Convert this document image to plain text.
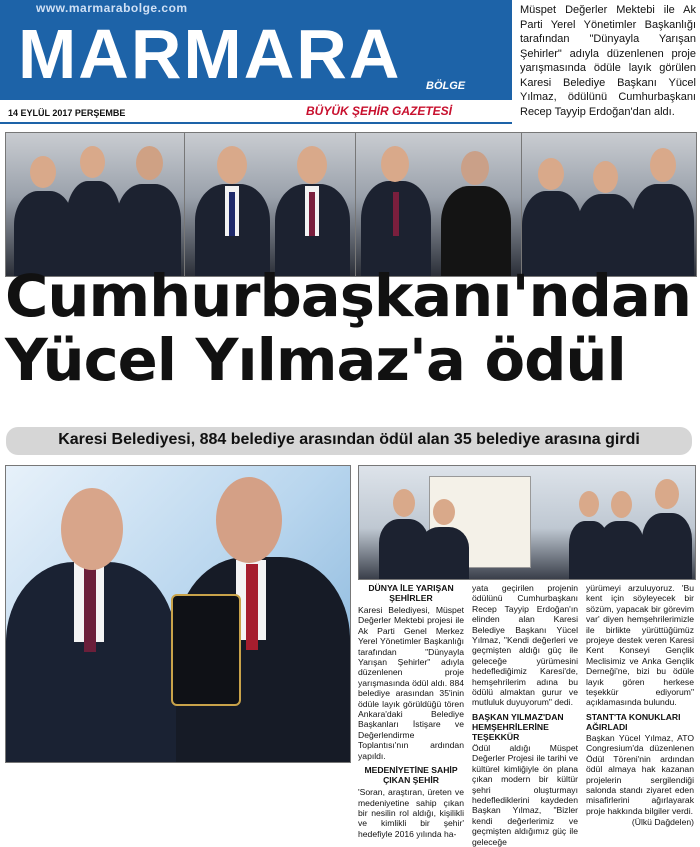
www.marmarabolge.com
MARMARA BÖLGE
14 EYLÜL 2017 PERŞEMBE	BÜYÜK ŞEHİR GAZETESİ
Müspet Değerler Mektebi ile Ak Parti Yerel Yönetimler Başkanlığı tarafından "Dünyayla Yarışan Şehirler" adıyla düzenlenen proje yarışmasında ödüle layık görülen Karesi Belediye Başkanı Yücel Yılmaz, ödülünü Cumhurbaşkanı Recep Tayyip Erdoğan'dan aldı.
Cumhurbaşkanı'ndan
Yücel Yılmaz'a ödül
Karesi Belediyesi, 884 belediye arasından ödül alan 35 belediye arasına girdi
DÜNYA İLE YARIŞAN ŞEHİRLER
Karesi Belediyesi, Müspet Değerler Mektebi projesi ile Ak Parti Genel Merkez Yerel Yönetimler Başkanlığı tarafından "Dünyayla Yarışan Şehirler" adıyla düzenlenen proje yarışmasında ödül aldı. 884 belediye arasından 35'inin ödüle layık görüldüğü tören Ankara'daki Belediye Başkanları İstişare ve Değerlendirme Toplantısı'nın ardından yapıldı.
MEDENİYETİNE SAHİP ÇIKAN ŞEHİR
'Soran, araştıran, üreten ve medeniyetine sahip çıkan bir nesilin rol aldığı, kişilikli ve kimlikli bir şehir' hedefiyle 2016 yılında ha-
yata geçirilen projenin ödülünü Cumhurbaşkanı Recep Tayyip Erdoğan'ın elinden alan Karesi Belediye Başkanı Yücel Yılmaz, "Kendi değerleri ve geçmişten aldığı güç ile geleceğe yürümesini hedeflediğimiz Karesi'de, hemşehrilerim adına bu ödülü almaktan gurur ve mutluluk duyuyorum" dedi.
BAŞKAN YILMAZ'DAN HEMŞEHRİLERİNE TEŞEKKÜR
Ödül aldığı Müspet Değerler Projesi ile tarihi ve kültürel kimliğiyle ön plana çıkan modern bir kültür şehri oluşturmayı hedeflediklerini kaydeden Başkan Yılmaz, "Bizler kendi değerlerimiz ve geçmişten aldığımız güç ile geleceğe
yürümeyi arzuluyoruz. 'Bu kent için söyleyecek bir sözüm, yapacak bir görevim var' diyen hemşehrilerimizle ile birlikte yürüttüğümüz projeye destek veren Karesi Kent Konseyi Gençlik Meclisimiz ve Anka Gençlik Derneği'ne, bizi bu ödüle layık gören herkese teşekkür ediyorum" açıklamasında bulundu.
STANT'TA KONUKLARI AĞIRLADI
Başkan Yücel Yılmaz, ATO Congresium'da düzenlenen Ödül Töreni'nin ardından ödül almaya hak kazanan projelerin sergilendiği salonda standı ziyaret eden misafirlerini ağırlayarak proje hakkında bilgiler verdi.
(Ülkü Dağdelen)
